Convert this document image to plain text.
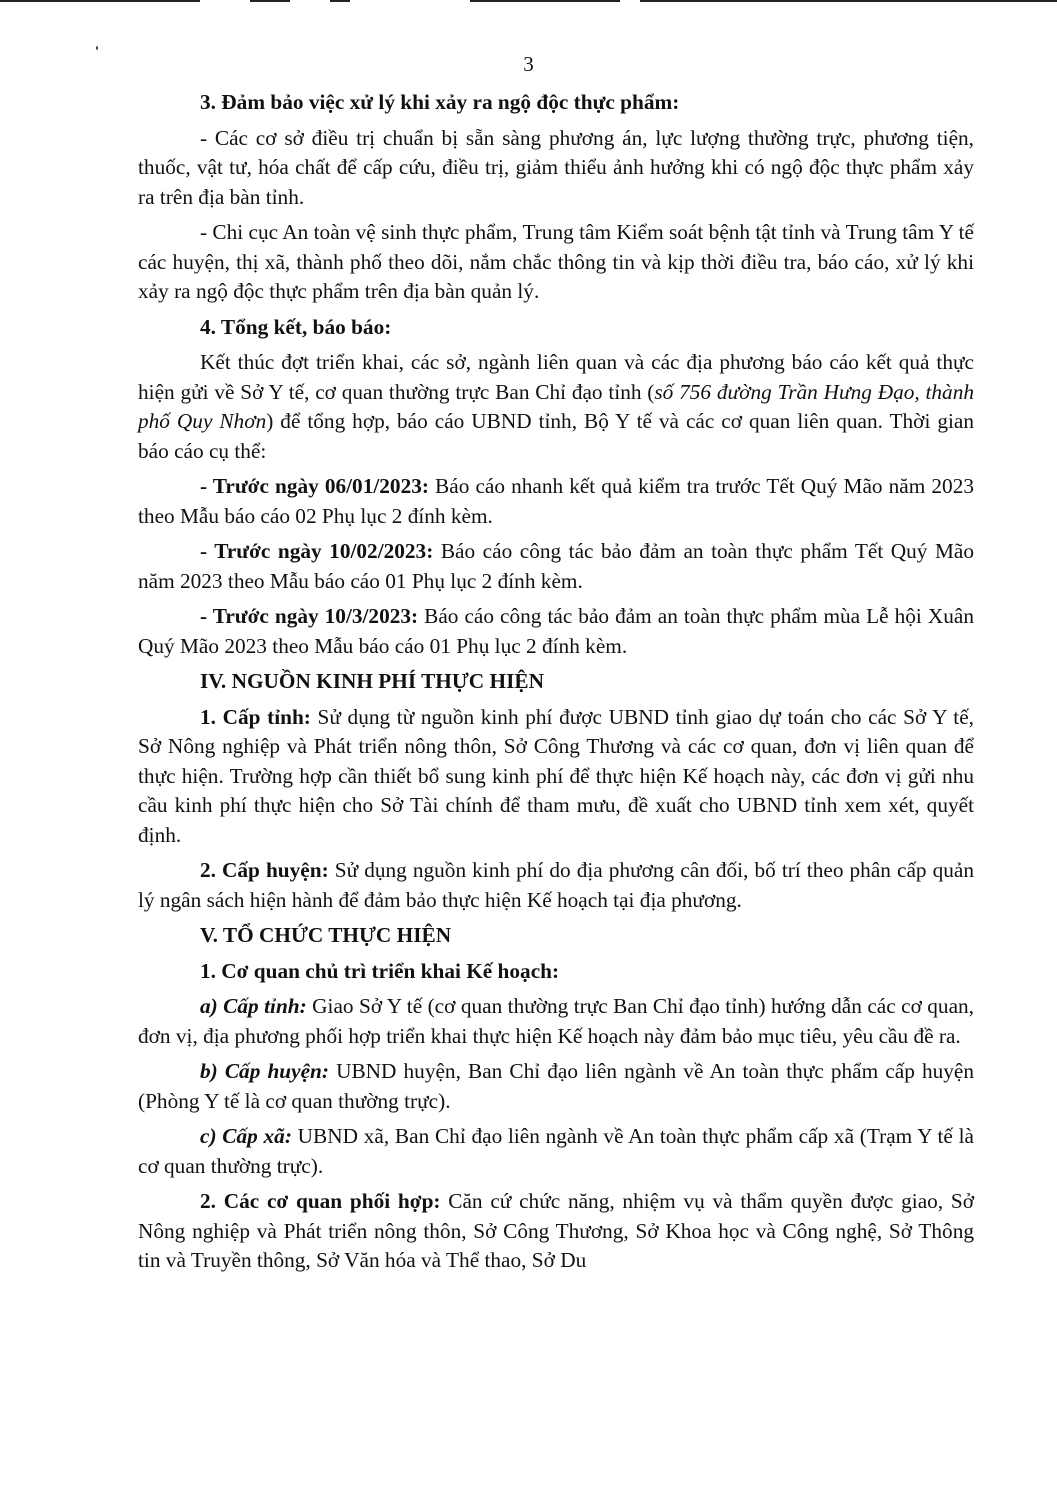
3

3. Đảm bảo việc xử lý khi xảy ra ngộ độc thực phẩm:

- Các cơ sở điều trị chuẩn bị sẵn sàng phương án, lực lượng thường trực, phương tiện, thuốc, vật tư, hóa chất để cấp cứu, điều trị, giảm thiểu ảnh hưởng khi có ngộ độc thực phẩm xảy ra trên địa bàn tỉnh.

- Chi cục An toàn vệ sinh thực phẩm, Trung tâm Kiểm soát bệnh tật tỉnh và Trung tâm Y tế các huyện, thị xã, thành phố theo dõi, nắm chắc thông tin và kịp thời điều tra, báo cáo, xử lý khi xảy ra ngộ độc thực phẩm trên địa bàn quản lý.

4. Tổng kết, báo báo:

Kết thúc đợt triển khai, các sở, ngành liên quan và các địa phương báo cáo kết quả thực hiện gửi về Sở Y tế, cơ quan thường trực Ban Chỉ đạo tỉnh (số 756 đường Trần Hưng Đạo, thành phố Quy Nhơn) để tổng hợp, báo cáo UBND tỉnh, Bộ Y tế và các cơ quan liên quan. Thời gian báo cáo cụ thể:

- Trước ngày 06/01/2023: Báo cáo nhanh kết quả kiểm tra trước Tết Quý Mão năm 2023 theo Mẫu báo cáo 02 Phụ lục 2 đính kèm.

- Trước ngày 10/02/2023: Báo cáo công tác bảo đảm an toàn thực phẩm Tết Quý Mão năm 2023 theo Mẫu báo cáo 01 Phụ lục 2 đính kèm.

- Trước ngày 10/3/2023: Báo cáo công tác bảo đảm an toàn thực phẩm mùa Lễ hội Xuân Quý Mão 2023 theo Mẫu báo cáo 01 Phụ lục 2 đính kèm.

IV. NGUỒN KINH PHÍ THỰC HIỆN

1. Cấp tỉnh: Sử dụng từ nguồn kinh phí được UBND tỉnh giao dự toán cho các Sở Y tế, Sở Nông nghiệp và Phát triển nông thôn, Sở Công Thương và các cơ quan, đơn vị liên quan để thực hiện. Trường hợp cần thiết bổ sung kinh phí để thực hiện Kế hoạch này, các đơn vị gửi nhu cầu kinh phí thực hiện cho Sở Tài chính để tham mưu, đề xuất cho UBND tỉnh xem xét, quyết định.

2. Cấp huyện: Sử dụng nguồn kinh phí do địa phương cân đối, bố trí theo phân cấp quản lý ngân sách hiện hành để đảm bảo thực hiện Kế hoạch tại địa phương.

V. TỔ CHỨC THỰC HIỆN

1. Cơ quan chủ trì triển khai Kế hoạch:

a) Cấp tỉnh: Giao Sở Y tế (cơ quan thường trực Ban Chỉ đạo tỉnh) hướng dẫn các cơ quan, đơn vị, địa phương phối hợp triển khai thực hiện Kế hoạch này đảm bảo mục tiêu, yêu cầu đề ra.

b) Cấp huyện: UBND huyện, Ban Chỉ đạo liên ngành về An toàn thực phẩm cấp huyện (Phòng Y tế là cơ quan thường trực).

c) Cấp xã: UBND xã, Ban Chỉ đạo liên ngành về An toàn thực phẩm cấp xã (Trạm Y tế là cơ quan thường trực).

2. Các cơ quan phối hợp: Căn cứ chức năng, nhiệm vụ và thẩm quyền được giao, Sở Nông nghiệp và Phát triển nông thôn, Sở Công Thương, Sở Khoa học và Công nghệ, Sở Thông tin và Truyền thông, Sở Văn hóa và Thể thao, Sở Du
